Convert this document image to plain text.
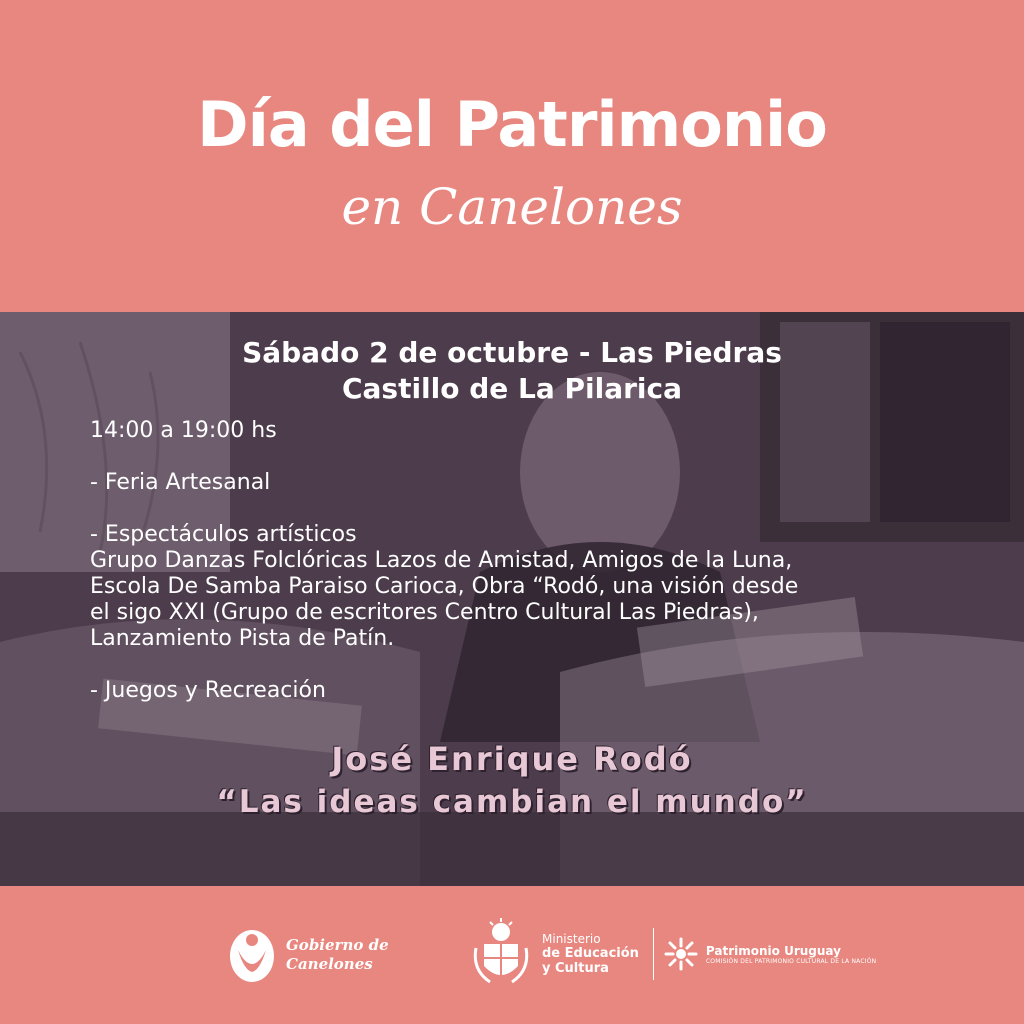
Día del Patrimonio
en Canelones
Sábado 2 de octubre - Las Piedras
Castillo de La Pilarica
14:00 a 19:00 hs
- Feria Artesanal
- Espectáculos artísticos
Grupo Danzas Folclóricas Lazos de Amistad, Amigos de la Luna,
Escola De Samba Paraiso Carioca, Obra “Rodó, una visión desde
el sigo XXI (Grupo de escritores Centro Cultural Las Piedras),
Lanzamiento Pista de Patín.
- Juegos y Recreación
José Enrique Rodó
“Las ideas cambian el mundo”
Gobierno de
Canelones
Ministerio
de Educación
y Cultura
Patrimonio Uruguay
COMISIÓN DEL PATRIMONIO CULTURAL DE LA NACIÓN
